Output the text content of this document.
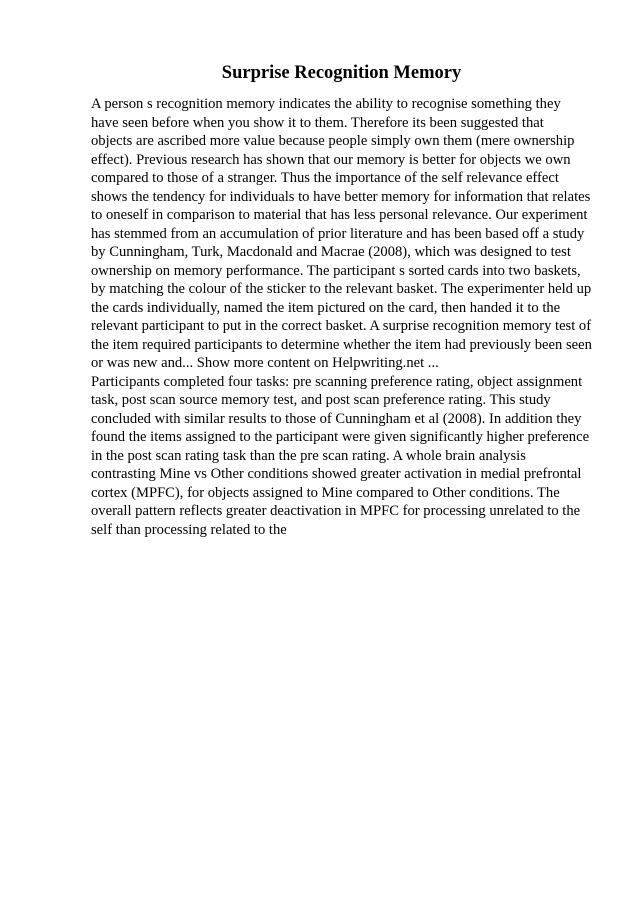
Surprise Recognition Memory
A person s recognition memory indicates the ability to recognise something they
have seen before when you show it to them. Therefore its been suggested that
objects are ascribed more value because people simply own them (mere ownership
effect). Previous research has shown that our memory is better for objects we own
compared to those of a stranger. Thus the importance of the self relevance effect
shows the tendency for individuals to have better memory for information that relates
to oneself in comparison to material that has less personal relevance. Our experiment
has stemmed from an accumulation of prior literature and has been based off a study
by Cunningham, Turk, Macdonald and Macrae (2008), which was designed to test
ownership on memory performance. The participant s sorted cards into two baskets,
by matching the colour of the sticker to the relevant basket. The experimenter held up
the cards individually, named the item pictured on the card, then handed it to the
relevant participant to put in the correct basket. A surprise recognition memory test of
the item required participants to determine whether the item had previously been seen
or was new and... Show more content on Helpwriting.net ...
Participants completed four tasks: pre scanning preference rating, object assignment
task, post scan source memory test, and post scan preference rating. This study
concluded with similar results to those of Cunningham et al (2008). In addition they
found the items assigned to the participant were given significantly higher preference
in the post scan rating task than the pre scan rating. A whole brain analysis
contrasting Mine vs Other conditions showed greater activation in medial prefrontal
cortex (MPFC), for objects assigned to Mine compared to Other conditions. The
overall pattern reflects greater deactivation in MPFC for processing unrelated to the
self than processing related to the
